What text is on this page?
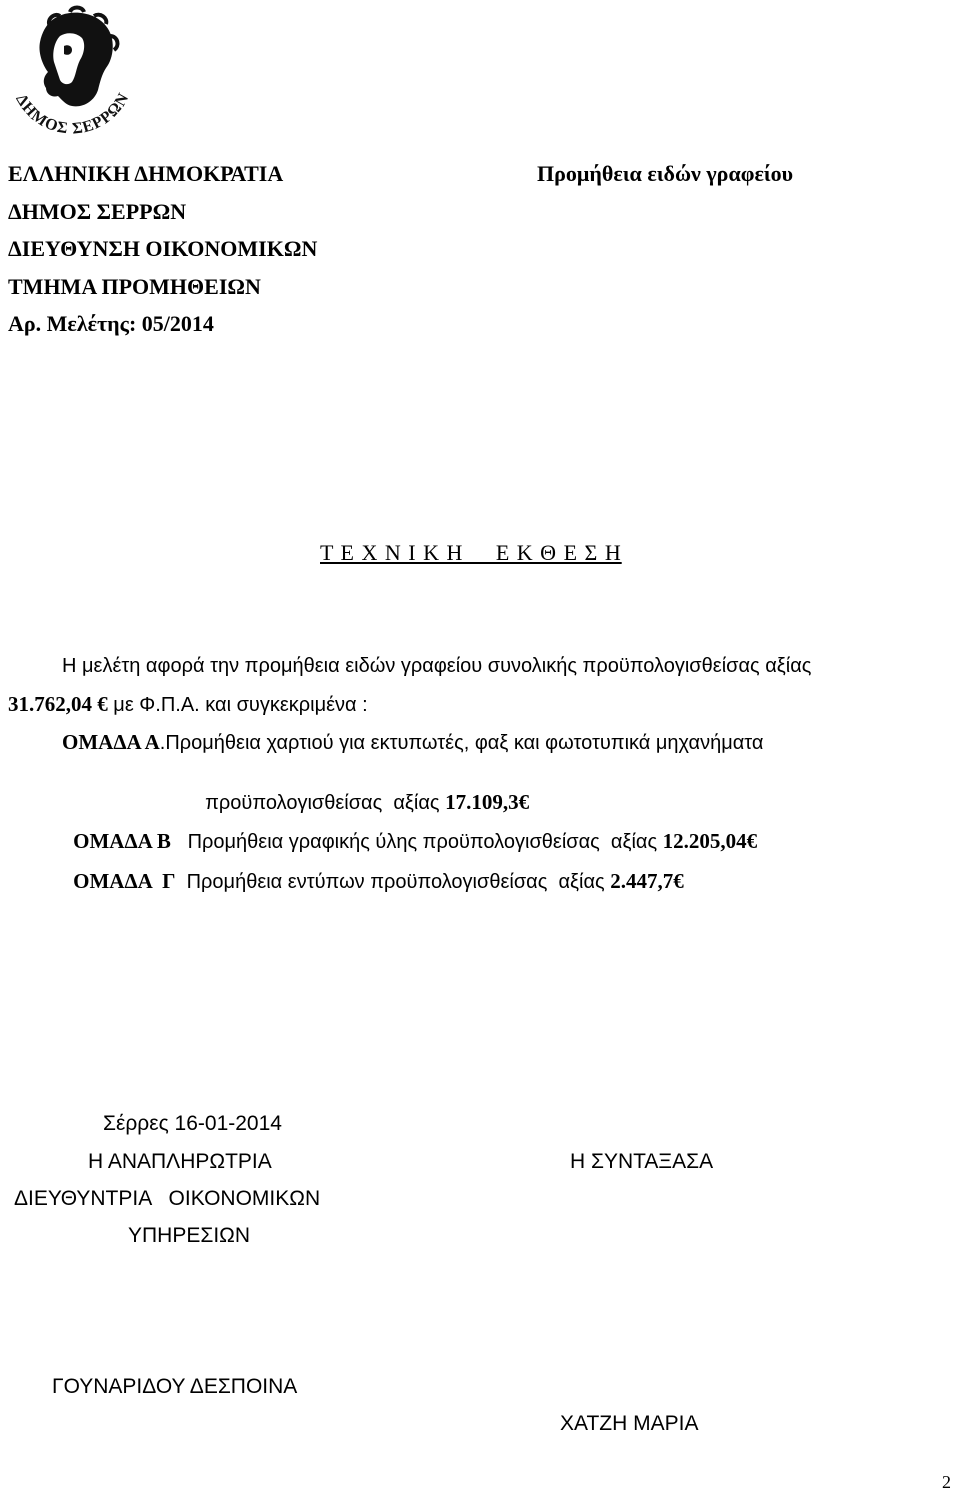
ΔΗΜΟΣ ΣΕΡΡΩΝ
ΕΛΛΗΝΙΚΗ ΔΗΜΟΚΡΑΤΙΑ
ΔΗΜΟΣ ΣΕΡΡΩΝ
ΔΙΕΥΘΥΝΣΗ ΟΙΚΟΝΟΜΙΚΩΝ
ΤΜΗΜΑ ΠΡΟΜΗΘΕΙΩΝ
Αρ. Μελέτης: 05/2014
Προμήθεια ειδών γραφείου
Τ Ε Χ Ν Ι Κ Η     Ε Κ Θ Ε Σ Η
Η μελέτη αφορά την προμήθεια ειδών γραφείου συνολικής προϋπολογισθείσας αξίας
31.762,04 € με Φ.Π.Α. και συγκεκριμένα :
ΟΜΑΔΑ Α.Προμήθεια χαρτιού για εκτυπωτές, φαξ και φωτοτυπικά μηχανήματα

προϋπολογισθείσας  αξίας 17.109,3€

ΟΜΑΔΑ Β Προμήθεια γραφικής ύλης προϋπολογισθείσας  αξίας 12.205,04€

ΟΜΑΔΑ  Γ Προμήθεια εντύπων προϋπολογισθείσας  αξίας 2.447,7€

Σέρρες 16-01-2014
Η ΑΝΑΠΛΗΡΩΤΡΙΑ
ΔΙΕΥΘΥΝΤΡΙΑ   ΟΙΚΟΝΟΜΙΚΩΝ
ΥΠΗΡΕΣΙΩΝ
Η ΣΥΝΤΑΞΑΣΑ
ΓΟΥΝΑΡΙΔΟΥ ΔΕΣΠΟΙΝΑ
ΧΑΤΖΗ ΜΑΡΙΑ
2
